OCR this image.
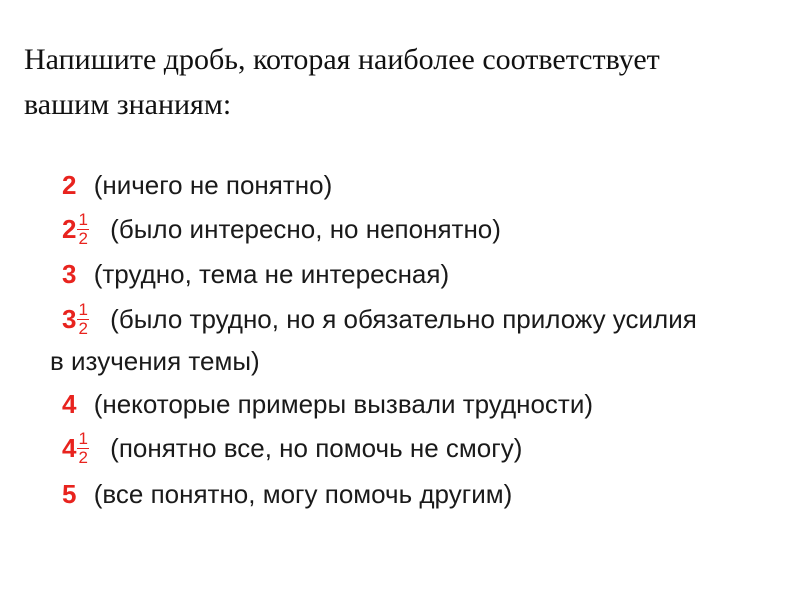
Напишите дробь, которая наиболее соответствует
вашим знаниям:
2 (ничего не понятно)
$2 \frac{1}{2}$ (было интересно, но непонятно)
3 (трудно, тема не интересная)
$3 \frac{1}{2}$ (было трудно, но я обязательно приложу усилия
в изучения темы)
4 (некоторые примеры вызвали трудности)
$4 \frac{1}{2}$ (понятно все, но помочь не смогу)
5 (все понятно, могу помочь другим)
